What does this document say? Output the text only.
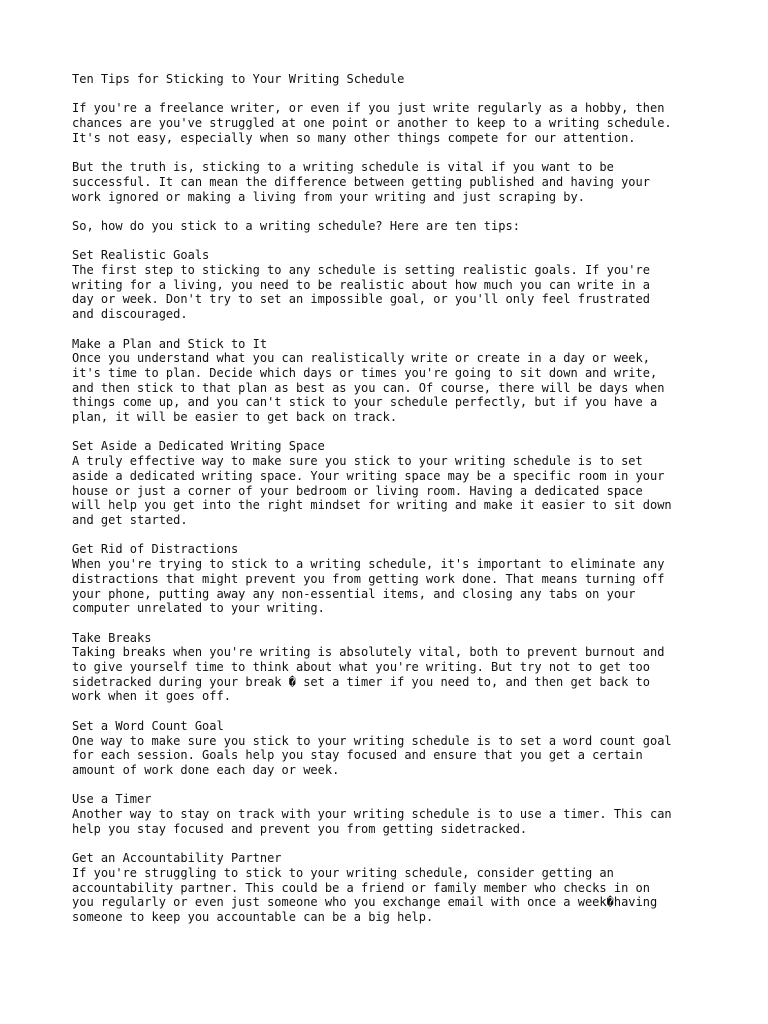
Ten Tips for Sticking to Your Writing Schedule
If you're a freelance writer, or even if you just write regularly as a hobby, then
chances are you've struggled at one point or another to keep to a writing schedule.
It's not easy, especially when so many other things compete for our attention.
But the truth is, sticking to a writing schedule is vital if you want to be
successful. It can mean the difference between getting published and having your
work ignored or making a living from your writing and just scraping by.
So, how do you stick to a writing schedule? Here are ten tips:
Set Realistic Goals
The first step to sticking to any schedule is setting realistic goals. If you're
writing for a living, you need to be realistic about how much you can write in a
day or week. Don't try to set an impossible goal, or you'll only feel frustrated
and discouraged.
Make a Plan and Stick to It
Once you understand what you can realistically write or create in a day or week,
it's time to plan. Decide which days or times you're going to sit down and write,
and then stick to that plan as best as you can. Of course, there will be days when
things come up, and you can't stick to your schedule perfectly, but if you have a
plan, it will be easier to get back on track.
Set Aside a Dedicated Writing Space
A truly effective way to make sure you stick to your writing schedule is to set
aside a dedicated writing space. Your writing space may be a specific room in your
house or just a corner of your bedroom or living room. Having a dedicated space
will help you get into the right mindset for writing and make it easier to sit down
and get started.
Get Rid of Distractions
When you're trying to stick to a writing schedule, it's important to eliminate any
distractions that might prevent you from getting work done. That means turning off
your phone, putting away any non-essential items, and closing any tabs on your
computer unrelated to your writing.
Take Breaks
Taking breaks when you're writing is absolutely vital, both to prevent burnout and
to give yourself time to think about what you're writing. But try not to get too
sidetracked during your break � set a timer if you need to, and then get back to
work when it goes off.
Set a Word Count Goal
One way to make sure you stick to your writing schedule is to set a word count goal
for each session. Goals help you stay focused and ensure that you get a certain
amount of work done each day or week.
Use a Timer
Another way to stay on track with your writing schedule is to use a timer. This can
help you stay focused and prevent you from getting sidetracked.
Get an Accountability Partner
If you're struggling to stick to your writing schedule, consider getting an
accountability partner. This could be a friend or family member who checks in on
you regularly or even just someone who you exchange email with once a week�having
someone to keep you accountable can be a big help.
